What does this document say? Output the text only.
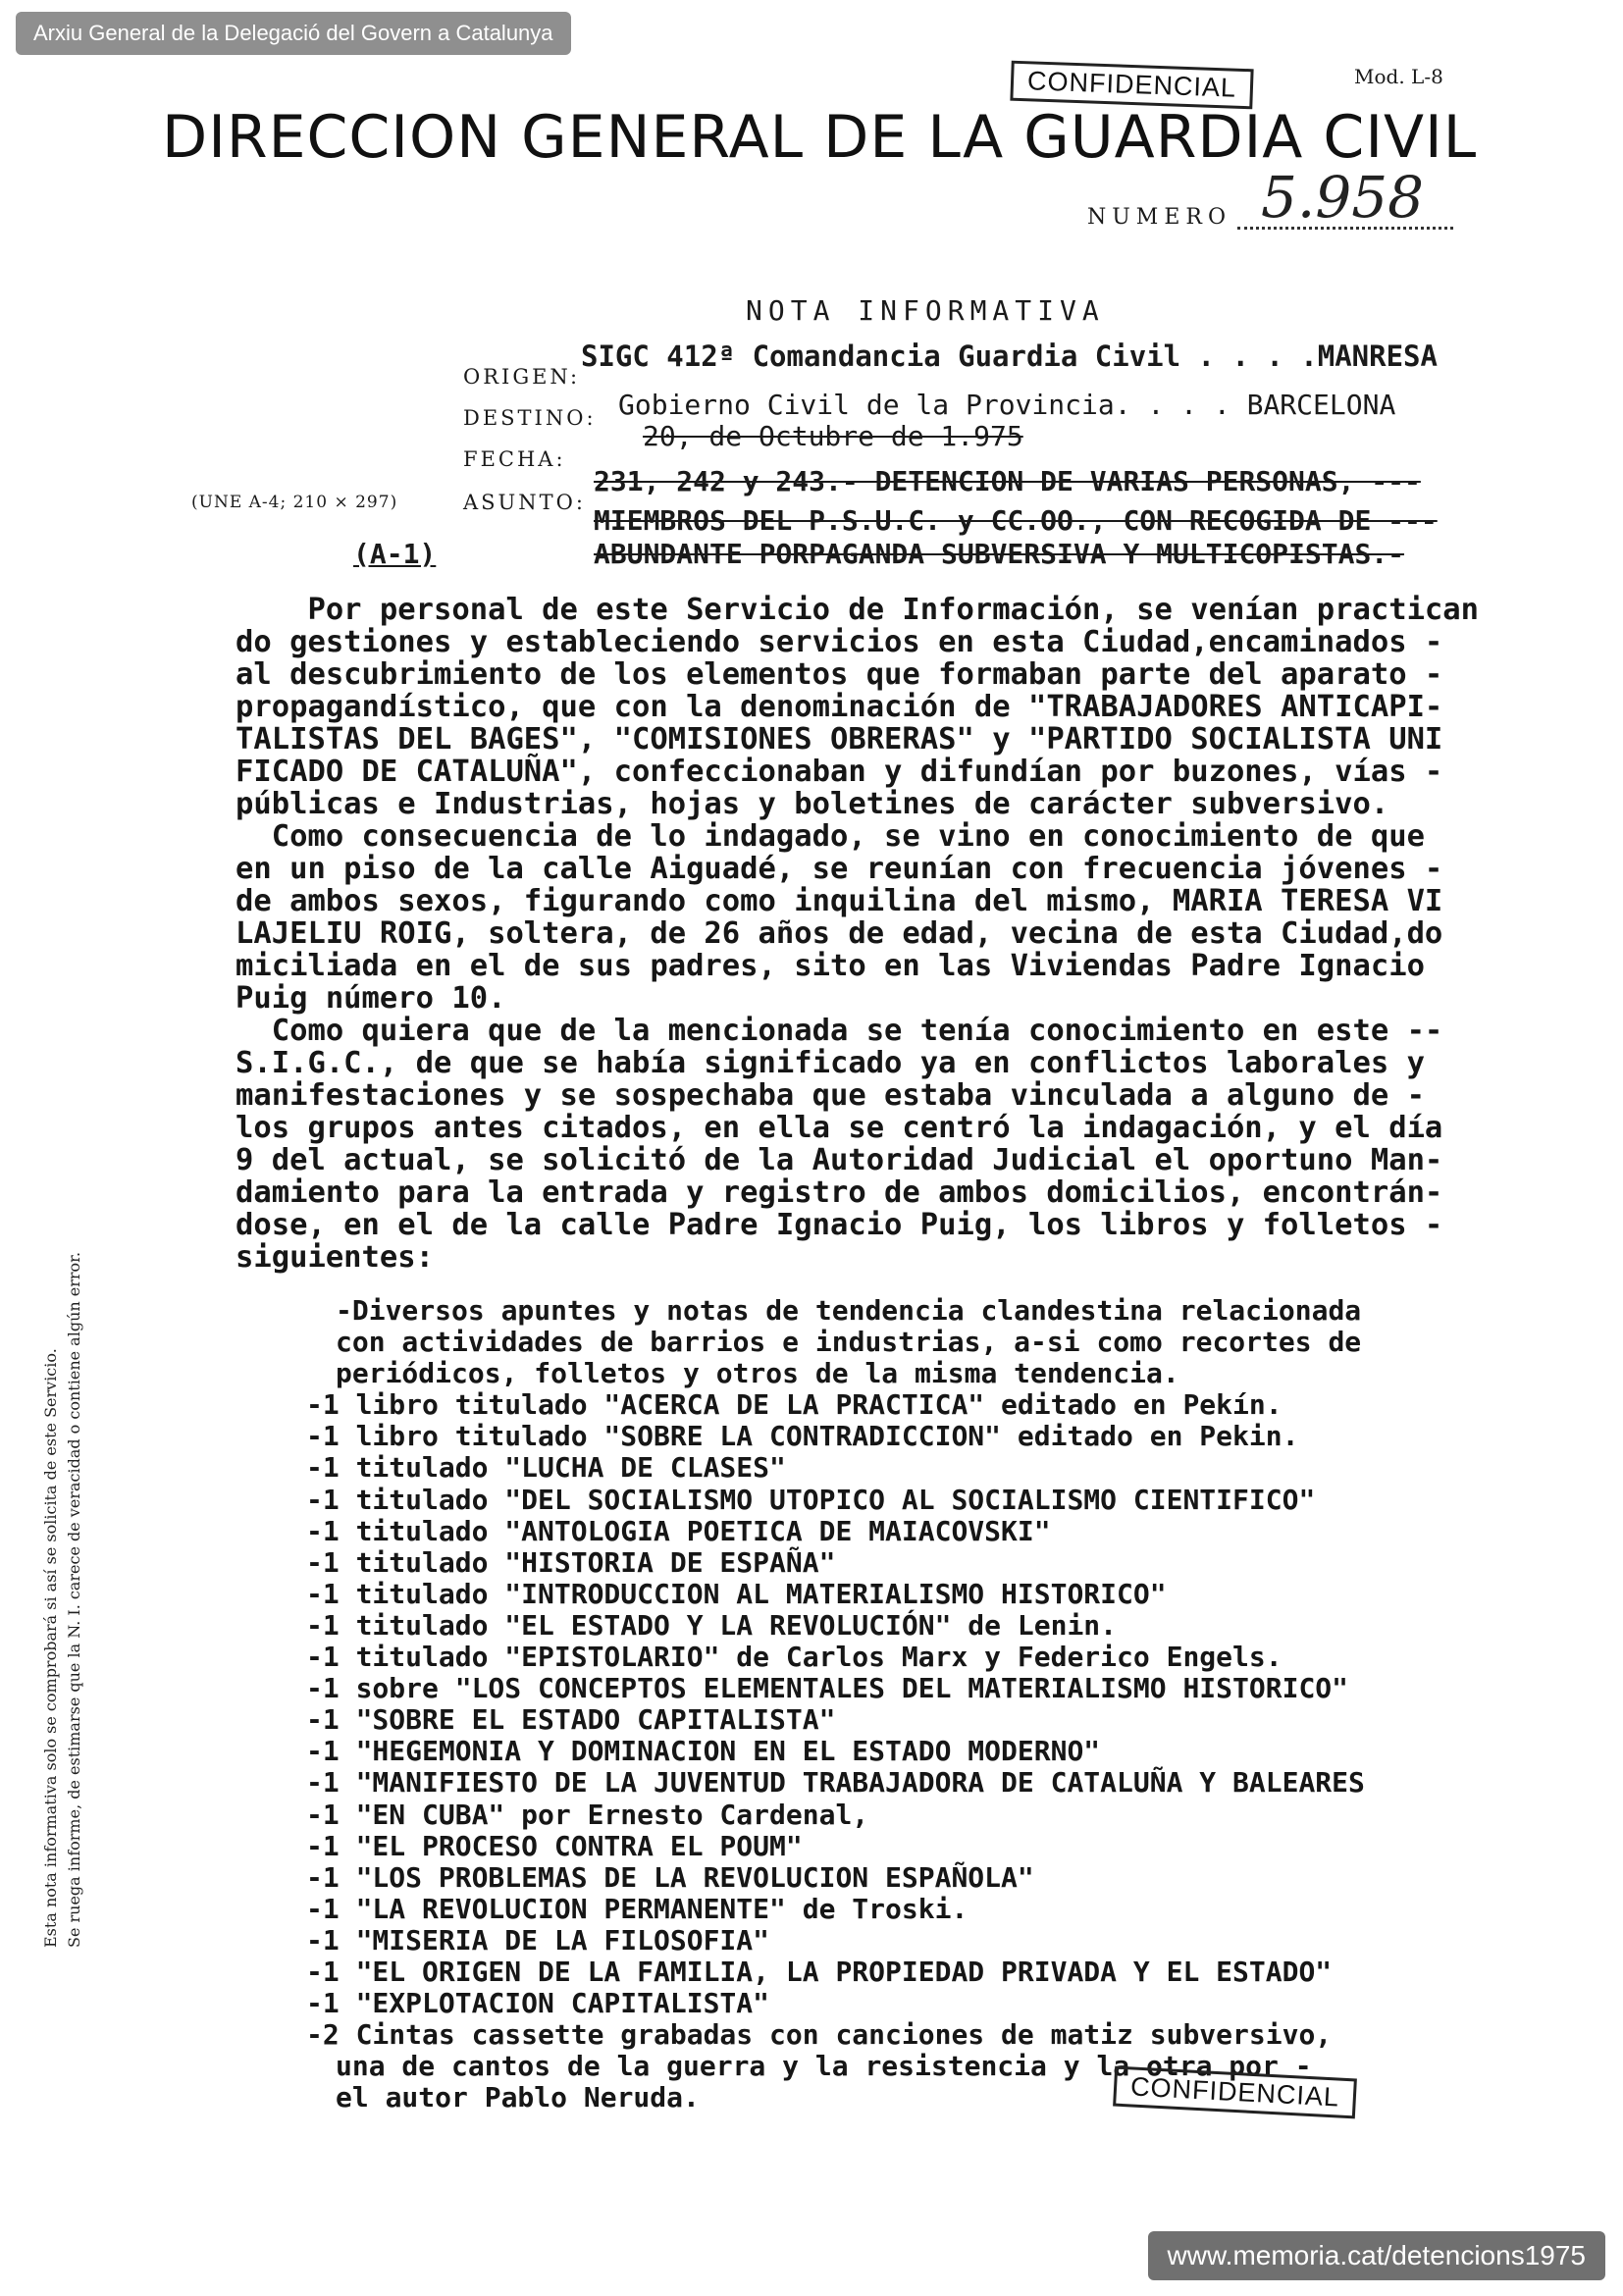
Arxiu General de la Delegació del Govern a Catalunya
CONFIDENCIAL	Mod. L-8
DIRECCION GENERAL DE LA GUARDIA CIVIL
NUMERO 5.958
NOTA INFORMATIVA
ORIGEN:
SIGC 412ª Comandancia Guardia Civil . . . .MANRESA
DESTINO: Gobierno Civil de la Provincia. . . . BARCELONA
FECHA:
20, de Octubre de 1.975
ASUNTO:
231, 242 y 243.- DETENCION DE VARIAS PERSONAS, ---
MIEMBROS DEL P.S.U.C. y CC.OO., CON RECOGIDA DE ---
ABUNDANTE PORPAGANDA SUBVERSIVA Y MULTICOPISTAS.-
(UNE A-4; 210 × 297)
(A-1)
Esta nota informativa solo se comprobará si así se solicita de este Servicio. Se ruega informe, de estimarse que la N. I. carece de veracidad o contiene algún error.

Por personal de este Servicio de Información, se venían practican

do gestiones y estableciendo servicios en esta Ciudad,encaminados -

al descubrimiento de los elementos que formaban parte del aparato -

propagandístico, que con la denominación de "TRABAJADORES ANTICAPI-

TALISTAS DEL BAGES", "COMISIONES OBRERAS" y "PARTIDO SOCIALISTA UNI

FICADO DE CATALUÑA", confeccionaban y difundían por buzones, vías -

públicas e Industrias, hojas y boletines de carácter subversivo.

Como consecuencia de lo indagado, se vino en conocimiento de que

en un piso de la calle Aiguadé, se reunían con frecuencia jóvenes -

de ambos sexos, figurando como inquilina del mismo, MARIA TERESA VI

LAJELIU ROIG, soltera, de 26 años de edad, vecina de esta Ciudad,do

miciliada en el de sus padres, sito en las Viviendas Padre Ignacio

Puig número 10.

Como quiera que de la mencionada se tenía conocimiento en este --

S.I.G.C., de que se había significado ya en conflictos laborales y

manifestaciones y se sospechaba que estaba vinculada a alguno de -

los grupos antes citados, en ella se centró la indagación, y el día

9 del actual, se solicitó de la Autoridad Judicial el oportuno Man-

damiento para la entrada y registro de ambos domicilios, encontrán-

dose, en el de la calle Padre Ignacio Puig, los libros y folletos -

siguientes:

-Diversos apuntes y notas de tendencia clandestina relacionada

con actividades de barrios e industrias, a-si como recortes de

periódicos, folletos y otros de la misma tendencia.

-1 libro titulado "ACERCA DE LA PRACTICA" editado en Pekín.

-1 libro titulado "SOBRE LA CONTRADICCION" editado en Pekin.

-1 titulado "LUCHA DE CLASES"

-1 titulado "DEL SOCIALISMO UTOPICO AL SOCIALISMO CIENTIFICO"

-1 titulado "ANTOLOGIA POETICA DE MAIACOVSKI"

-1 titulado "HISTORIA DE ESPAÑA"

-1 titulado "INTRODUCCION AL MATERIALISMO HISTORICO"

-1 titulado "EL ESTADO Y LA REVOLUCIÓN" de Lenin.

-1 titulado "EPISTOLARIO" de Carlos Marx y Federico Engels.

-1 sobre "LOS CONCEPTOS ELEMENTALES DEL MATERIALISMO HISTORICO"

-1 "SOBRE EL ESTADO CAPITALISTA"

-1 "HEGEMONIA Y DOMINACION EN EL ESTADO MODERNO"

-1 "MANIFIESTO DE LA JUVENTUD TRABAJADORA DE CATALUÑA Y BALEARES

-1 "EN CUBA" por Ernesto Cardenal,

-1 "EL PROCESO CONTRA EL POUM"

-1 "LOS PROBLEMAS DE LA REVOLUCION ESPAÑOLA"

-1 "LA REVOLUCION PERMANENTE" de Troski.

-1 "MISERIA DE LA FILOSOFIA"

-1 "EL ORIGEN DE LA FAMILIA, LA PROPIEDAD PRIVADA Y EL ESTADO"

-1 "EXPLOTACION CAPITALISTA"

-2 Cintas cassette grabadas con canciones de matiz subversivo,

una de cantos de la guerra y la resistencia y la otra por -

el autor Pablo Neruda.	CONFIDENCIAL
www.memoria.cat/detencions1975
